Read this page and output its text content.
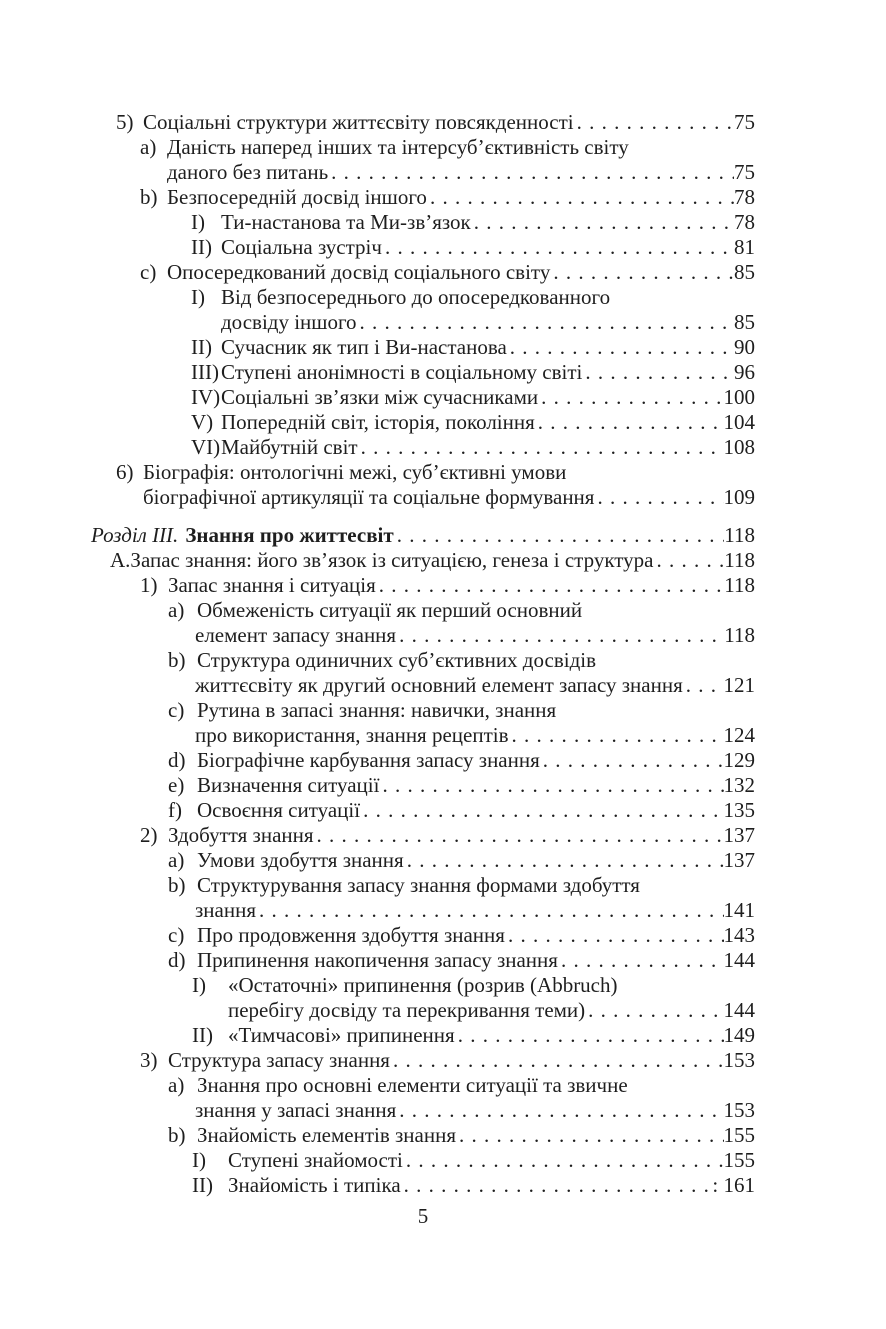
5) Соціальні структури життєсвіту повсякденності . . .	75
a) Даність наперед інших та інтерсуб’єктивність світу
даного без питань . . .	75
b) Безпосередній досвід іншого . . .	78
I) Ти-настанова та Ми-зв’язок . . .	78
II) Соціальна зустріч . . .	81
c) Опосередкований досвід соціального світу . . .	85
I) Від безпосереднього до опосередкованного
досвіду іншого . . .	85
II) Сучасник як тип і Ви-настанова . . .	90
III) Ступені анонімності в соціальному світі . . .	96
IV) Соціальні зв’язки між сучасниками . . .	100
V) Попередній світ, історія, покоління . . .	104
VI) Майбутній світ . . .	108
6) Біографія: онтологічні межі, суб’єктивні умови
біографічної артикуляції та соціальне формування . . .	109
Розділ ІІІ. Знання про життесвіт . . .	118
А. Запас знання: його зв’язок із ситуацією, генеза і структура . . .	118
1) Запас знання і ситуація . . .	118
a) Обмеженість ситуації як перший основний
елемент запасу знання . . .	118
b) Структура одиничних суб’єктивних досвідів
життєсвіту як другий основний елемент запасу знання . . . 121
c) Рутина в запасі знання: навички, знання
про використання, знання рецептів . . .	124
d) Біографічне карбування запасу знання . . .	129
e) Визначення ситуації . . .	132
f) Освоєння ситуації . . .	135
2) Здобуття знання . . .	137
a) Умови здобуття знання . . .	137
b) Структурування запасу знання формами здобуття
знання . . .	141
c) Про продовження здобуття знання . . .	143
d) Припинення накопичення запасу знання . . .	144
I)	«Остаточні» припинення (розрив (Abbruch)
перебігу досвіду та перекривання теми) . . .	144
II) «Тимчасові» припинення . . .	149
3) Структура запасу знання . . .	153
a) Знання про основні елементи ситуації та звичне
знання у запасі знання . . .	153
b) Знайомість елементів знання . . .	155
I)	Ступені знайомості . . .	155
II) Знайомість і типіка . . .	: 161
5
